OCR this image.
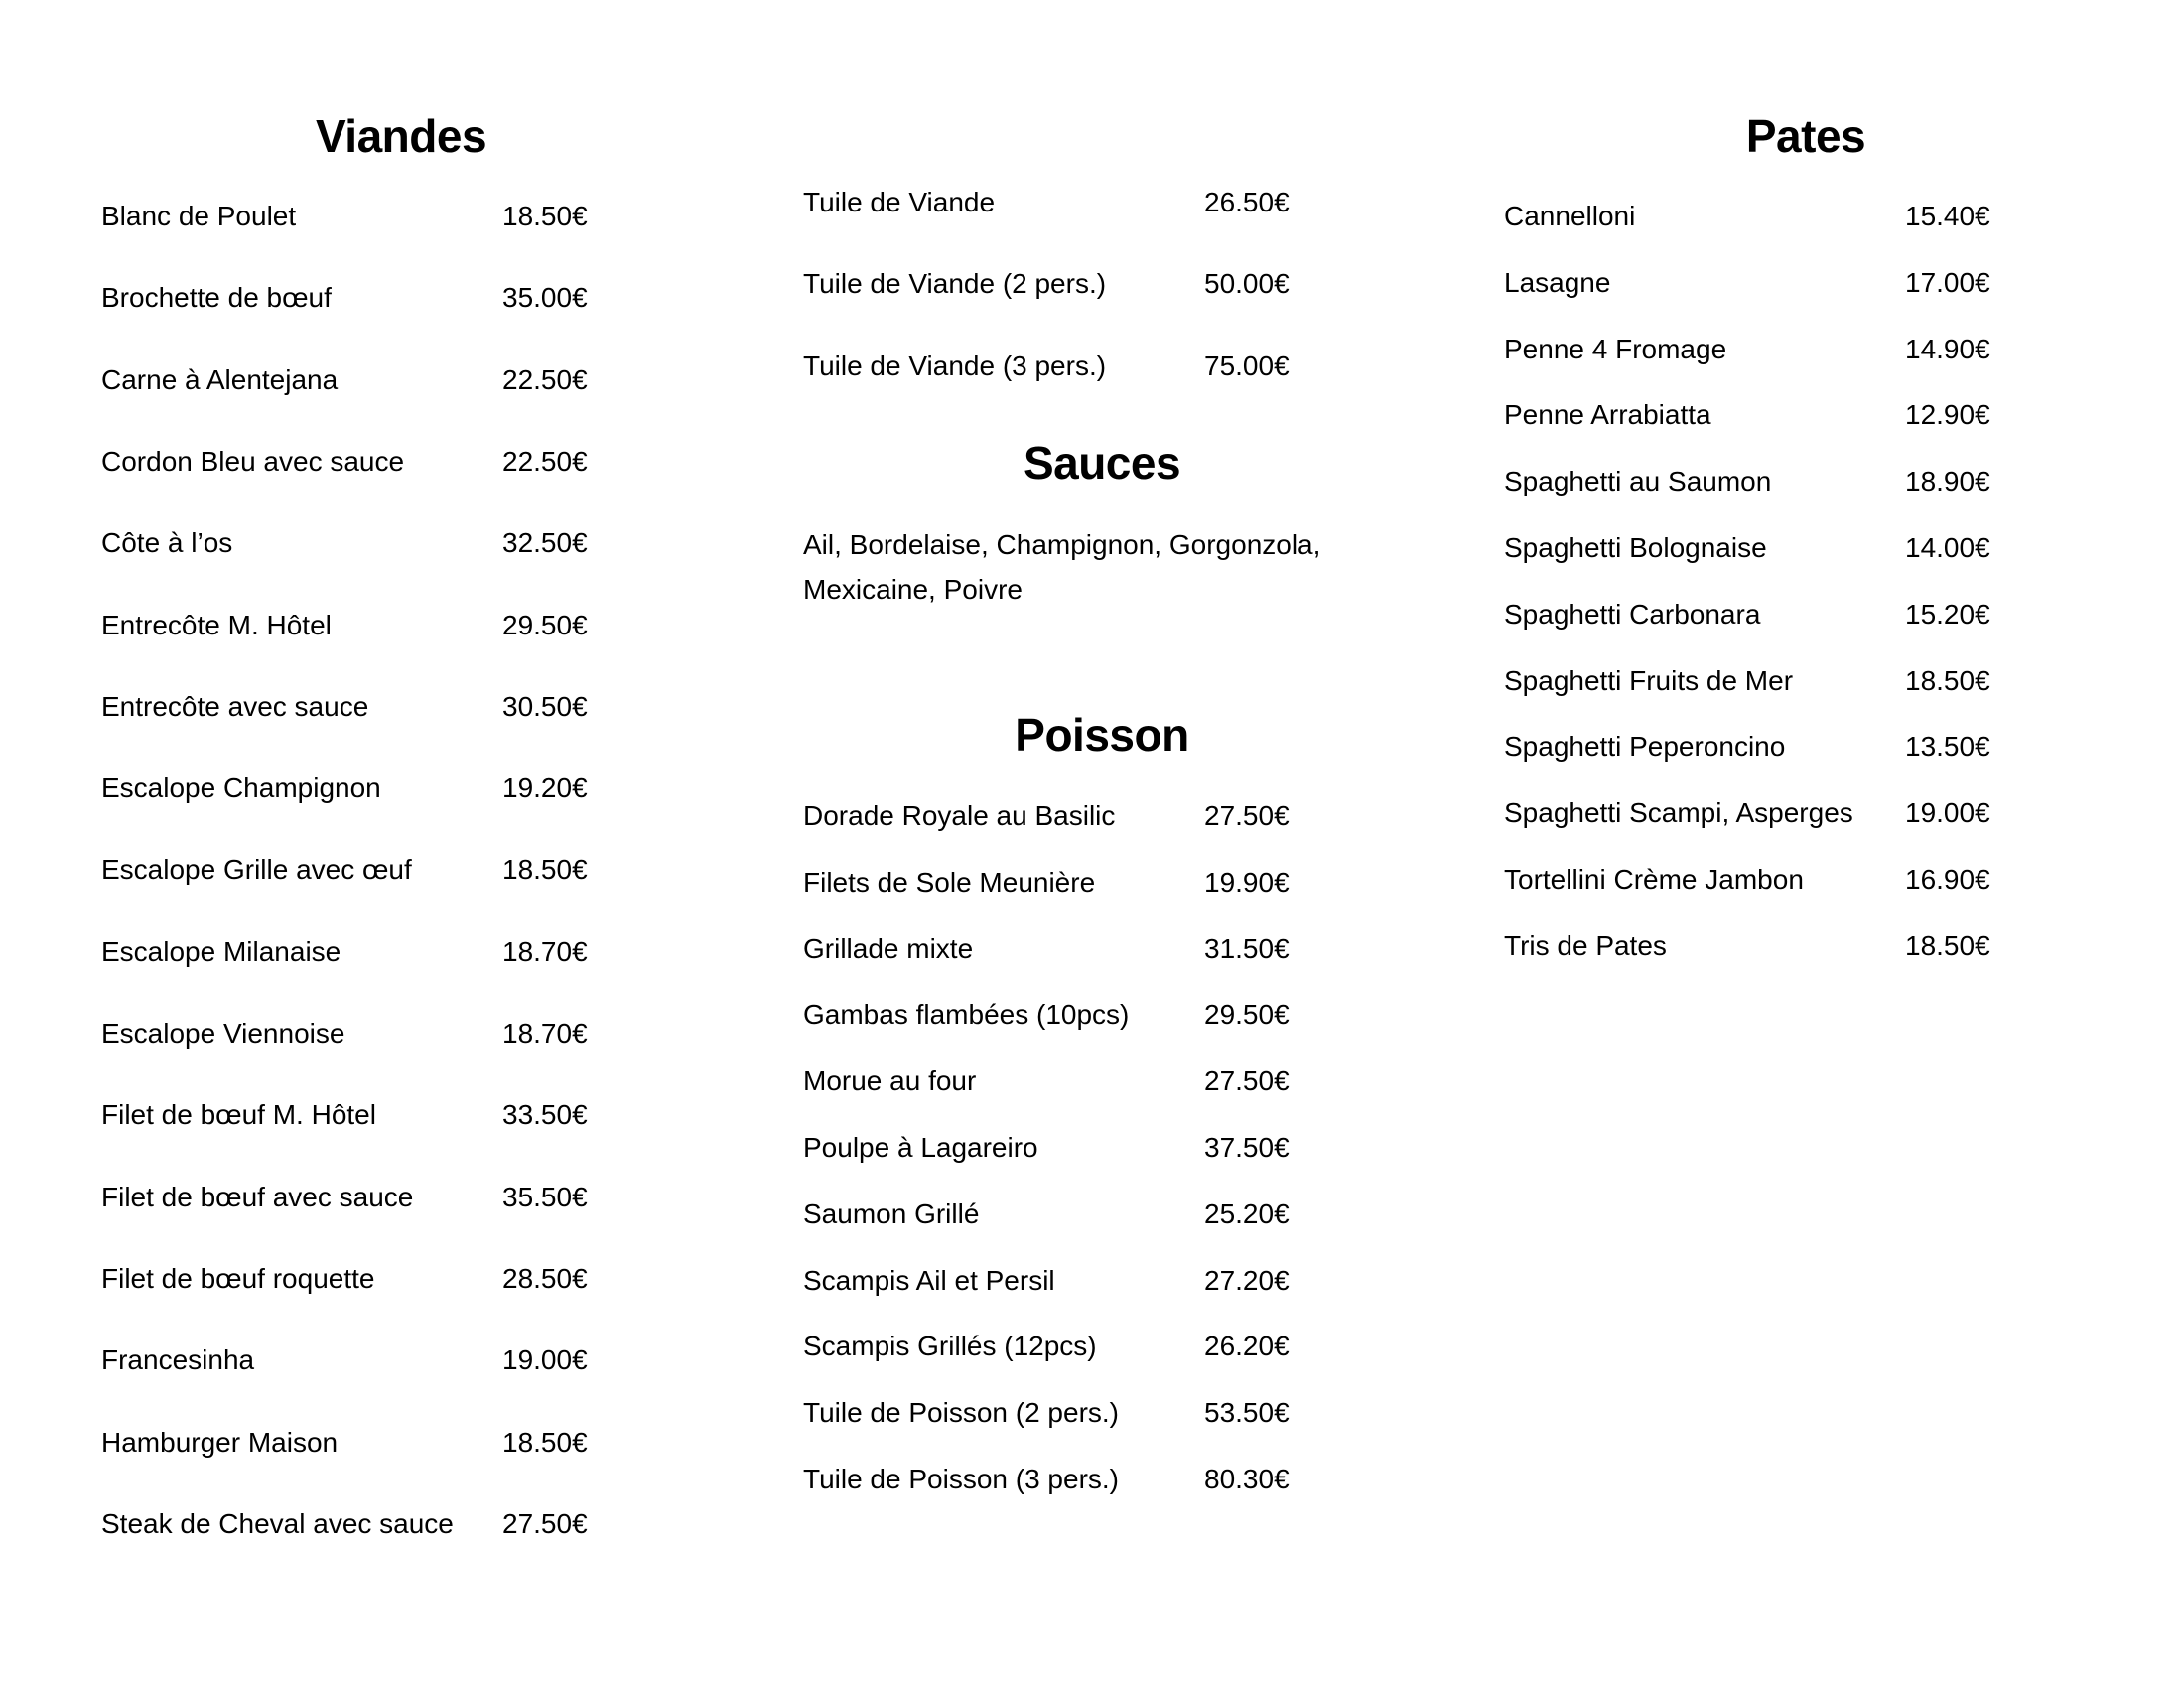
Viandes
Blanc de Poulet	18.50€
Brochette de bœuf	35.00€
Carne à Alentejana	22.50€
Cordon Bleu avec sauce	22.50€
Côte à l’os	32.50€
Entrecôte M. Hôtel	29.50€
Entrecôte avec sauce	30.50€
Escalope Champignon	19.20€
Escalope Grille avec œuf	18.50€
Escalope Milanaise	18.70€
Escalope Viennoise	18.70€
Filet de bœuf M. Hôtel	33.50€
Filet de bœuf avec sauce	35.50€
Filet de bœuf roquette	28.50€
Francesinha	19.00€
Hamburger Maison	18.50€
Steak de Cheval avec sauce 27.50€
Tuile de Viande	26.50€
Tuile de Viande (2 pers.)	50.00€
Tuile de Viande (3 pers.)	75.00€
Sauces
Ail, Bordelaise, Champignon, Gorgonzola, Mexicaine, Poivre
Poisson
Dorade Royale au Basilic	27.50€
Filets de Sole Meunière	19.90€
Grillade mixte	31.50€
Gambas flambées (10pcs)	29.50€
Morue au four	27.50€
Poulpe à Lagareiro	37.50€
Saumon Grillé	25.20€
Scampis Ail et Persil	27.20€
Scampis Grillés (12pcs)	26.20€
Tuile de Poisson (2 pers.)	53.50€
Tuile de Poisson (3 pers.)	80.30€
Pates
Cannelloni	15.40€
Lasagne	17.00€
Penne 4 Fromage	14.90€
Penne Arrabiatta	12.90€
Spaghetti au Saumon	18.90€
Spaghetti Bolognaise	14.00€
Spaghetti Carbonara	15.20€
Spaghetti Fruits de Mer	18.50€
Spaghetti Peperoncino	13.50€
Spaghetti Scampi, Asperges 19.00€
Tortellini Crème Jambon	16.90€
Tris de Pates	18.50€
